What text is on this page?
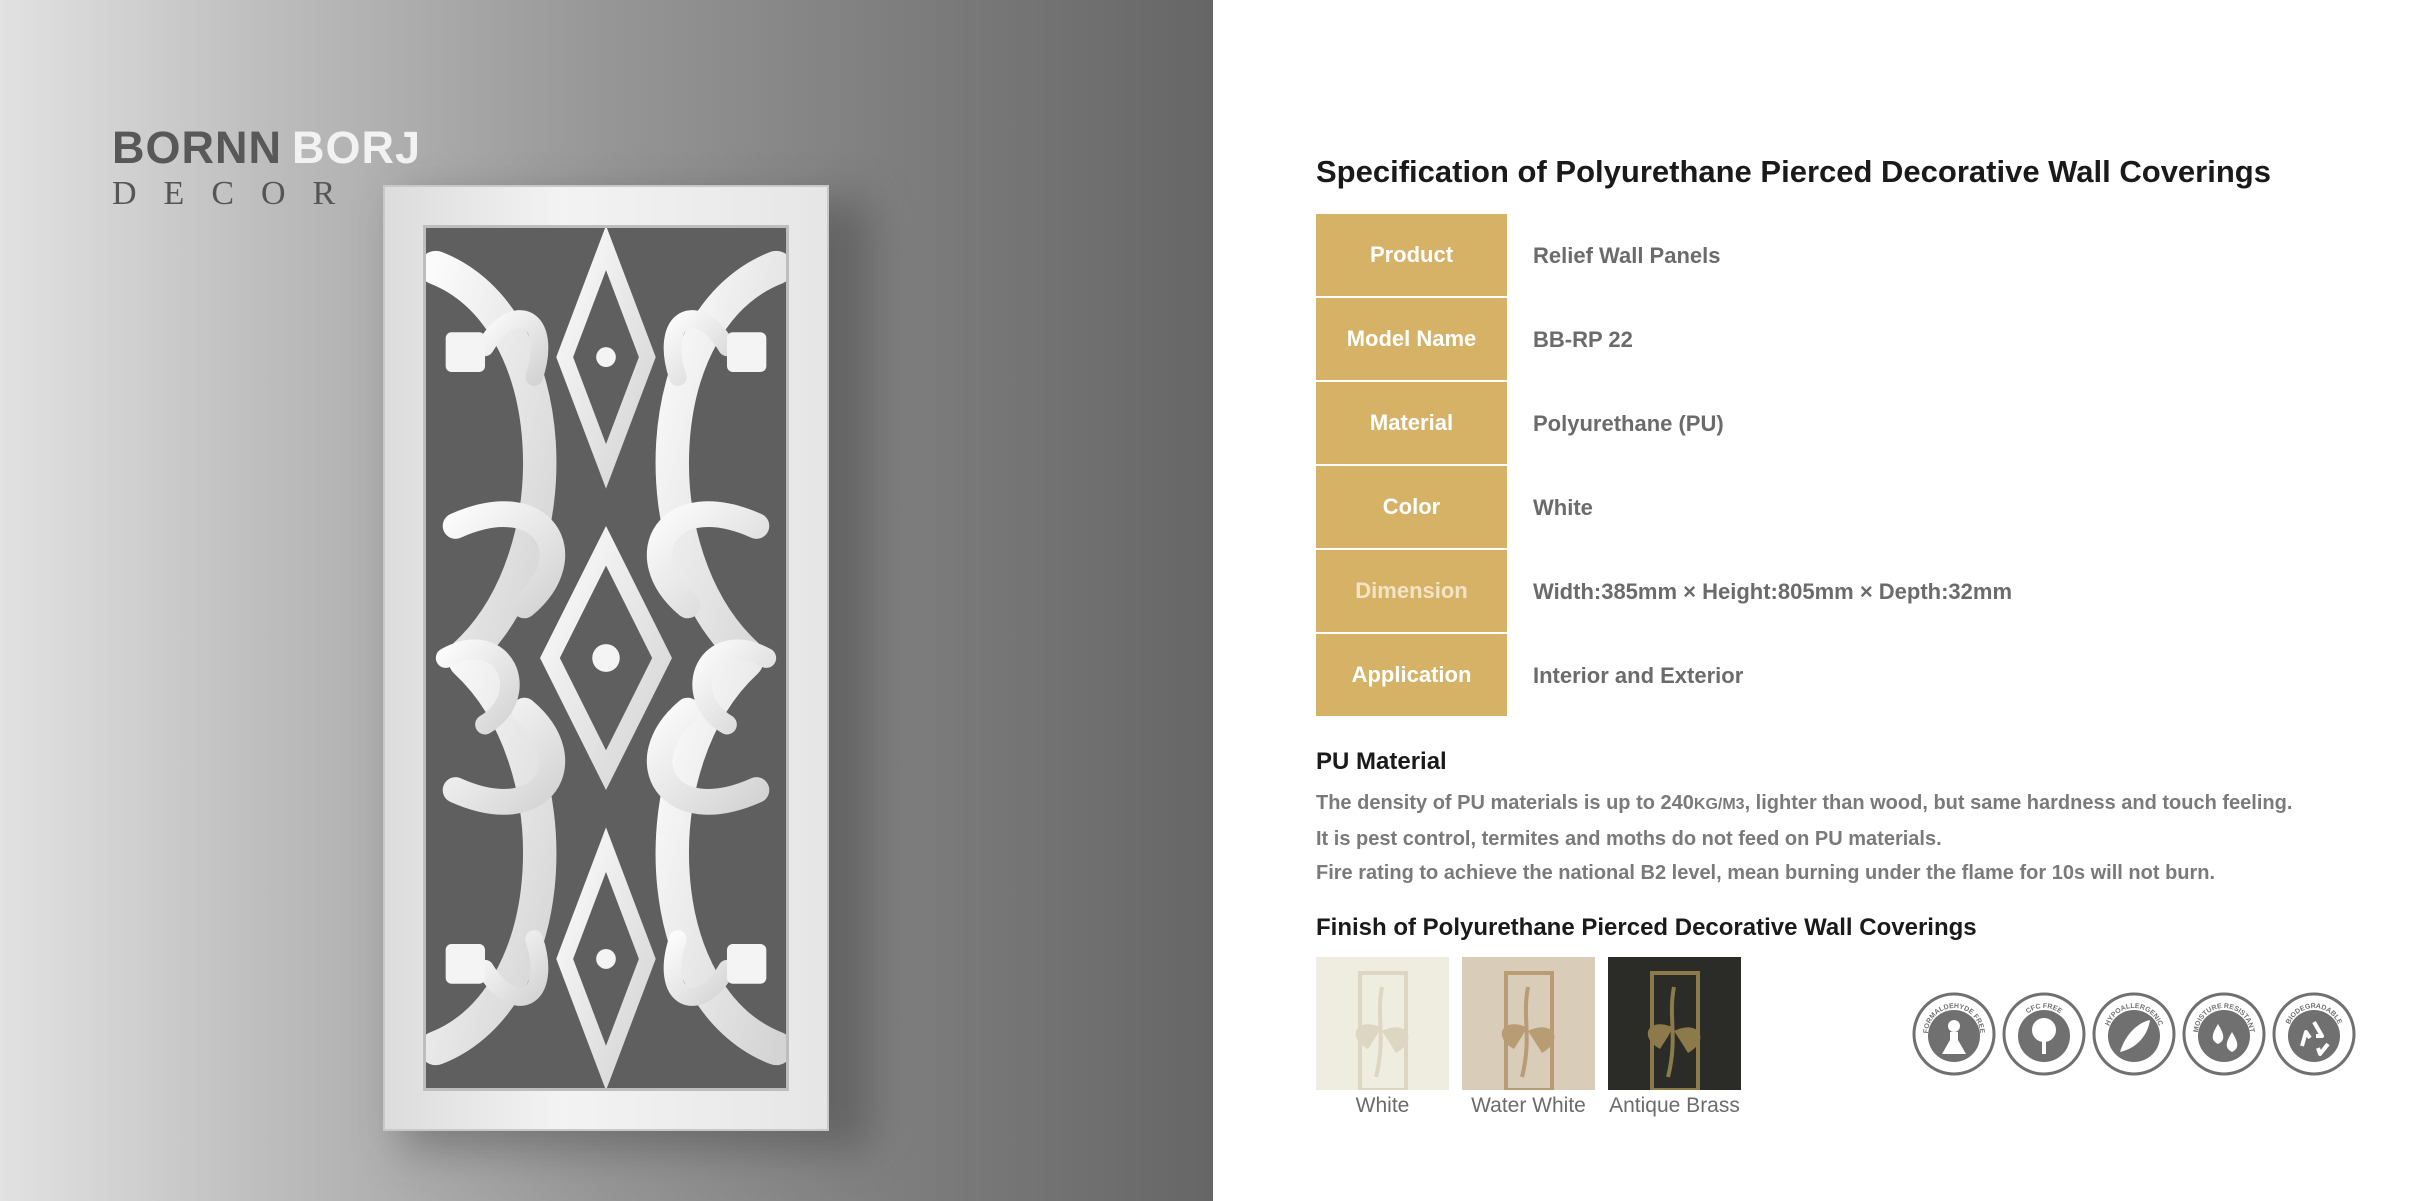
BORNN BORJ
DECOR
Specification of Polyurethane Pierced Decorative Wall Coverings
Product	Relief Wall Panels
Model Name	BB-RP 22
Material	Polyurethane (PU)
Color	White
Dimension	Width:385mm × Height:805mm × Depth:32mm
Application	Interior and Exterior
PU Material
The density of PU materials is up to 240KG/M3, lighter than wood, but same hardness and touch feeling.
It is pest control, termites and moths do not feed on PU materials.
Fire rating to achieve the national B2 level, mean burning under the flame for 10s will not burn.
Finish of Polyurethane Pierced Decorative Wall Coverings
White	Water White	Antique Brass
FORMALDEHYDE FREE
CFC FREE
HYPOALLERGENIC
MOISTURE RESISTANT
BIODEGRADABLE
